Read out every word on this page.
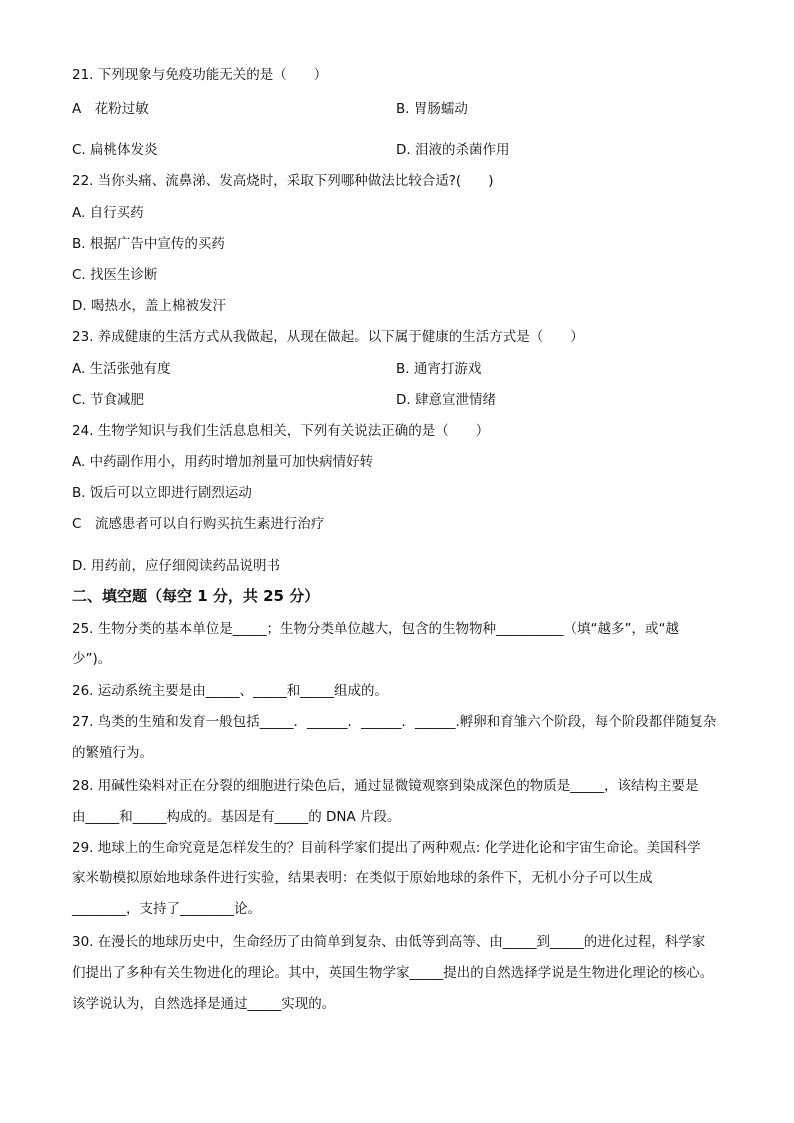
21. 下列现象与免疫功能无关的是（　　）
A　花粉过敏	B. 胃肠蠕动
C. 扁桃体发炎	D. 泪液的杀菌作用
22. 当你头痛、流鼻涕、发高烧时，采取下列哪种做法比较合适?(　　)
A. 自行买药
B. 根据广告中宣传的买药
C. 找医生诊断
D. 喝热水，盖上棉被发汗
23. 养成健康的生活方式从我做起，从现在做起。以下属于健康的生活方式是（　　）
A. 生活张弛有度	B. 通宵打游戏
C. 节食减肥	D. 肆意宣泄情绪
24. 生物学知识与我们生活息息相关，下列有关说法正确的是（　　）
A. 中药副作用小，用药时增加剂量可加快病情好转
B. 饭后可以立即进行剧烈运动
C　流感患者可以自行购买抗生素进行治疗
D. 用药前，应仔细阅读药品说明书
二、填空题（每空 1 分，共 25 分）
25. 生物分类的基本单位是_____；生物分类单位越大，包含的生物物种__________（填“越多”，或“越
少”)。
26. 运动系统主要是由_____、_____和_____组成的。
27. 鸟类的生殖和发育一般包括_____．______．______．______.孵卵和育雏六个阶段，每个阶段都伴随复杂
的繁殖行为。
28. 用碱性染料对正在分裂的细胞进行染色后，通过显微镜观察到染成深色的物质是_____，该结构主要是
由_____和_____构成的。基因是有_____的 DNA 片段。
29. 地球上的生命究竟是怎样发生的？目前科学家们提出了两种观点: 化学进化论和宇宙生命论。美国科学
家米勒模拟原始地球条件进行实验，结果表明：在类似于原始地球的条件下，无机小分子可以生成
________，支持了________论。
30. 在漫长的地球历史中，生命经历了由简单到复杂、由低等到高等、由_____到_____的进化过程，科学家
们提出了多种有关生物进化的理论。其中，英国生物学家_____提出的自然选择学说是生物进化理论的核心。
该学说认为，自然选择是通过_____实现的。
